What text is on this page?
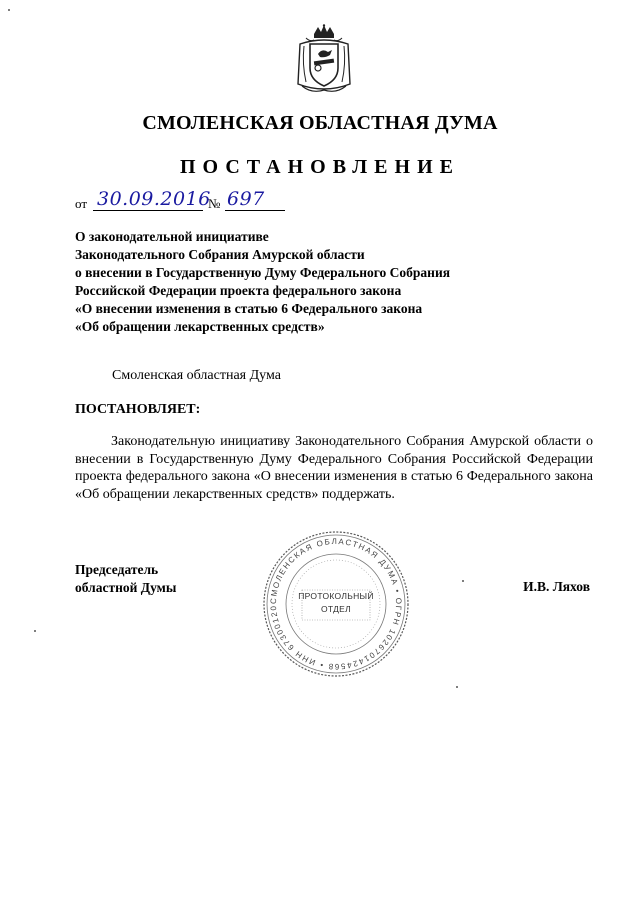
СМОЛЕНСКАЯ ОБЛАСТНАЯ ДУМА
ПОСТАНОВЛЕНИЕ
от 30.09.2016
№ 697
О законодательной инициативе
Законодательного Собрания Амурской области
о внесении в Государственную Думу Федерального Собрания
Российской Федерации проекта федерального закона
«О внесении изменения в статью 6 Федерального закона
«Об обращении лекарственных средств»
Смоленская областная Дума
ПОСТАНОВЛЯЕТ:
Законодательную инициативу Законодательного Собрания Амурской области о внесении в Государственную Думу Федерального Собрания Российской Федерации проекта федерального закона «О внесении изменения в статью 6 Федерального закона «Об обращении лекарственных средств» поддержать.
Председатель
областной Думы
СМОЛЕНСКАЯ ОБЛАСТНАЯ ДУМА • ОГРН 1026701424568 • ИНН 67300120
ПРОТОКОЛЬНЫЙ
ОТДЕЛ
И.В. Ляхов
